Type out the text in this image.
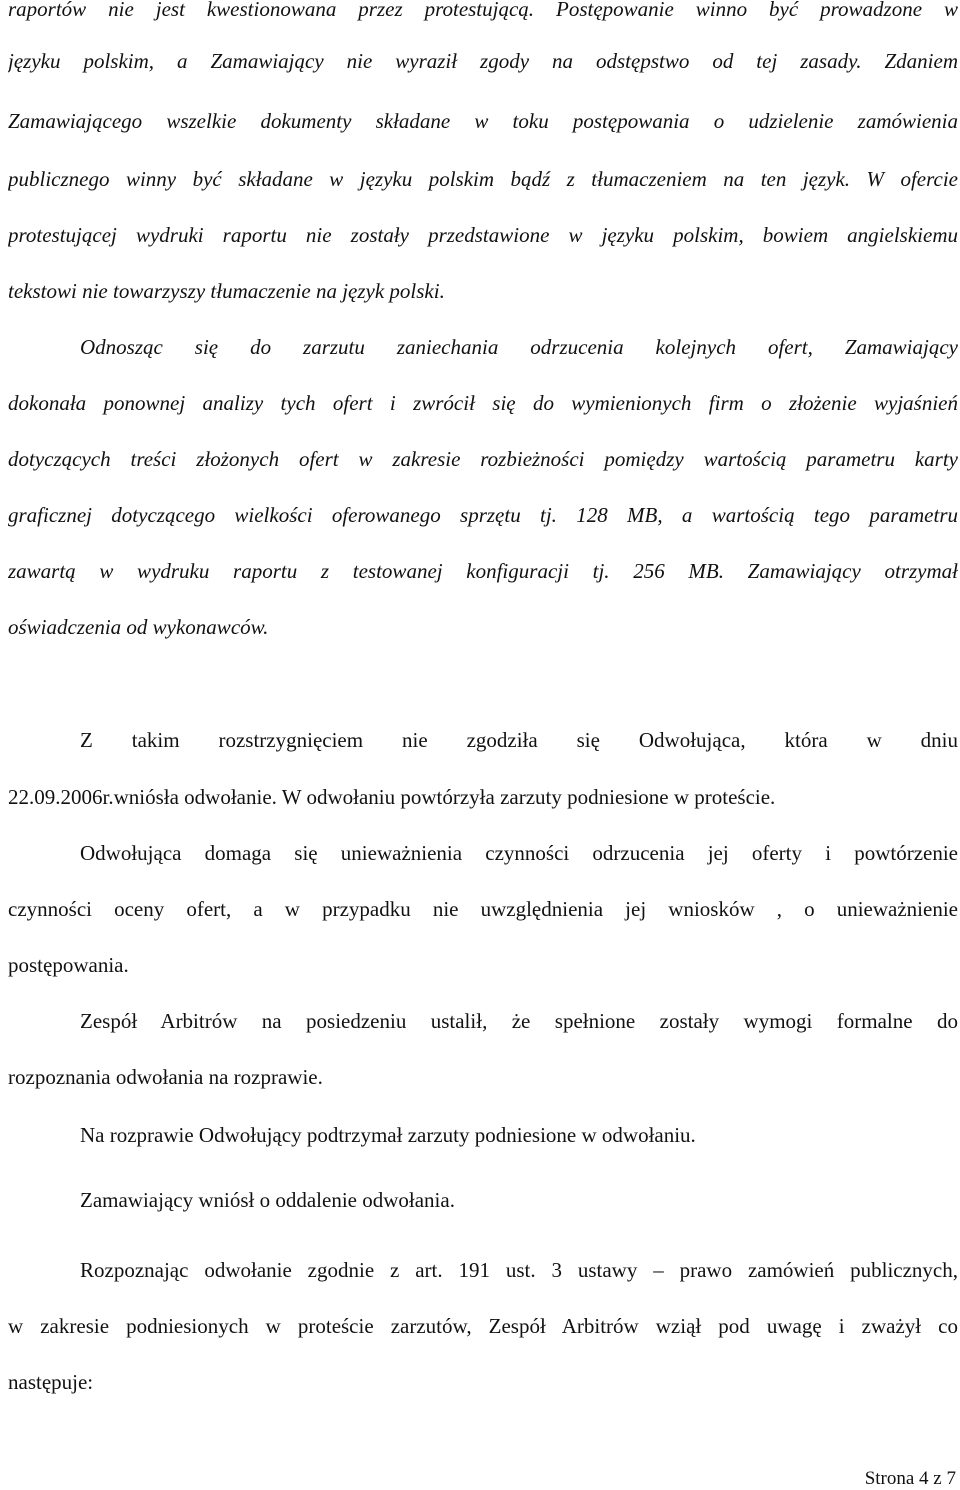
raportów nie jest kwestionowana przez protestującą. Postępowanie winno być prowadzone w
języku polskim, a Zamawiający nie wyraził zgody na odstępstwo od tej zasady. Zdaniem
Zamawiającego wszelkie dokumenty składane w toku postępowania o udzielenie zamówienia
publicznego winny być składane w języku polskim bądź z tłumaczeniem na ten język. W ofercie
protestującej wydruki raportu nie zostały przedstawione w języku polskim, bowiem angielskiemu
tekstowi nie towarzyszy tłumaczenie na język polski.
Odnosząc się do zarzutu zaniechania odrzucenia kolejnych ofert, Zamawiający
dokonała ponownej analizy tych ofert i zwrócił się do wymienionych firm o złożenie wyjaśnień
dotyczących treści złożonych ofert w zakresie rozbieżności pomiędzy wartością parametru karty
graficznej dotyczącego wielkości oferowanego sprzętu tj. 128 MB, a wartością tego parametru
zawartą w wydruku raportu z testowanej konfiguracji tj. 256 MB. Zamawiający otrzymał
oświadczenia od wykonawców.
Z takim rozstrzygnięciem nie zgodziła się Odwołująca, która w dniu
22.09.2006r.wniósła odwołanie. W odwołaniu powtórzyła zarzuty podniesione w proteście.
Odwołująca domaga się unieważnienia czynności odrzucenia jej oferty i powtórzenie
czynności oceny ofert, a w przypadku nie uwzględnienia jej wniosków , o unieważnienie
postępowania.
Zespół Arbitrów na posiedzeniu ustalił, że spełnione zostały wymogi formalne do
rozpoznania odwołania na rozprawie.
Na rozprawie Odwołujący podtrzymał zarzuty podniesione w odwołaniu.
Zamawiający wniósł o oddalenie odwołania.
Rozpoznając odwołanie zgodnie z art. 191 ust. 3 ustawy – prawo zamówień publicznych,
w zakresie podniesionych w proteście zarzutów, Zespół Arbitrów wziął pod uwagę i zważył co
następuje:
Strona 4 z 7
